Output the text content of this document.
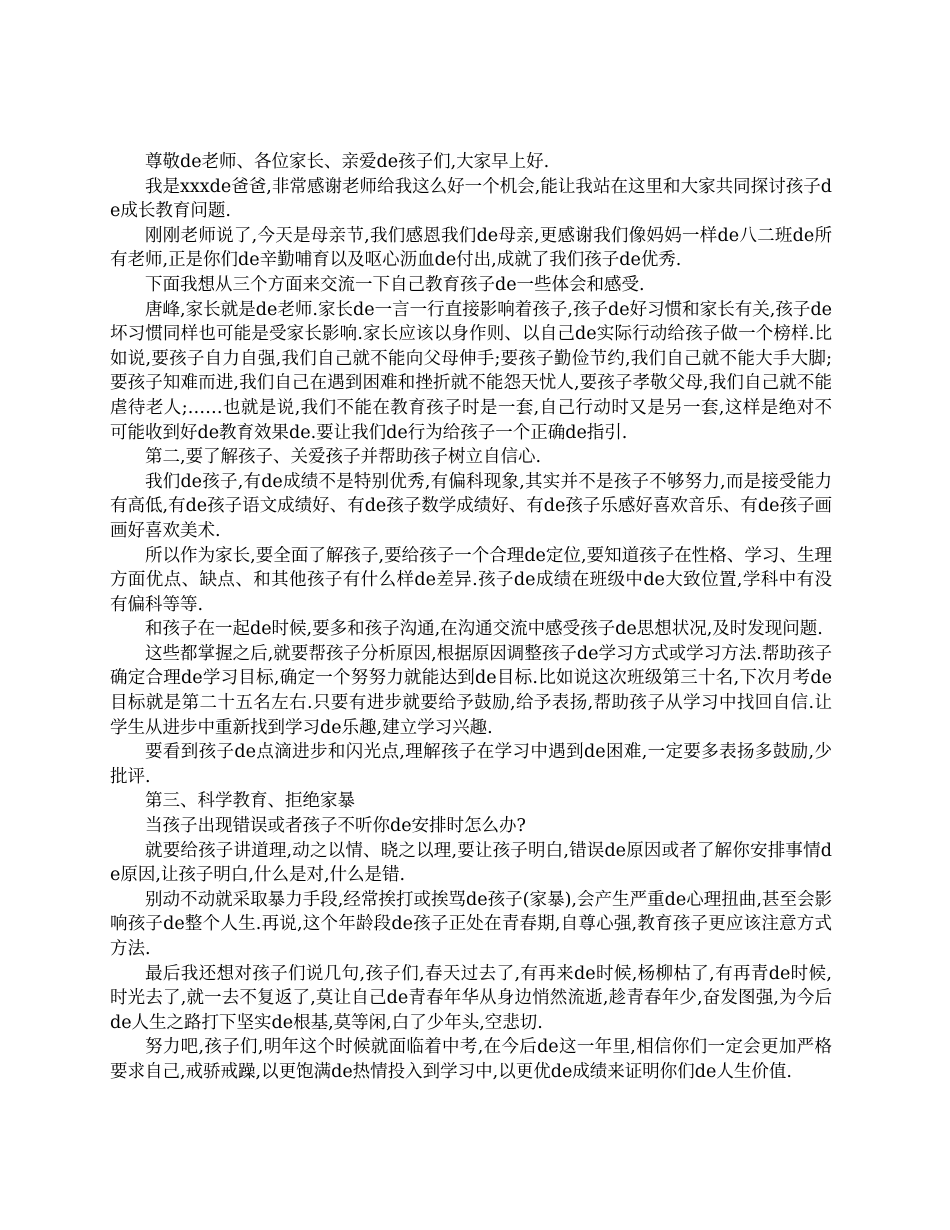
尊敬de老师、各位家长、亲爱de孩子们,大家早上好.

我是xxxde爸爸,非常感谢老师给我这么好一个机会,能让我站在这里和大家共同探讨孩子de成长教育问题.

刚刚老师说了,今天是母亲节,我们感恩我们de母亲,更感谢我们像妈妈一样de八二班de所有老师,正是你们de辛勤哺育以及呕心沥血de付出,成就了我们孩子de优秀.

下面我想从三个方面来交流一下自己教育孩子de一些体会和感受.

唐峰,家长就是de老师.家长de一言一行直接影响着孩子,孩子de好习惯和家长有关,孩子de坏习惯同样也可能是受家长影响.家长应该以身作则、以自己de实际行动给孩子做一个榜样.比如说,要孩子自力自强,我们自己就不能向父母伸手;要孩子勤俭节约,我们自己就不能大手大脚;要孩子知难而进,我们自己在遇到困难和挫折就不能怨天忧人,要孩子孝敬父母,我们自己就不能虐待老人;……也就是说,我们不能在教育孩子时是一套,自己行动时又是另一套,这样是绝对不可能收到好de教育效果de.要让我们de行为给孩子一个正确de指引.

第二,要了解孩子、关爱孩子并帮助孩子树立自信心.

我们de孩子,有de成绩不是特别优秀,有偏科现象,其实并不是孩子不够努力,而是接受能力有高低,有de孩子语文成绩好、有de孩子数学成绩好、有de孩子乐感好喜欢音乐、有de孩子画画好喜欢美术.

所以作为家长,要全面了解孩子,要给孩子一个合理de定位,要知道孩子在性格、学习、生理方面优点、缺点、和其他孩子有什么样de差异.孩子de成绩在班级中de大致位置,学科中有没有偏科等等.

和孩子在一起de时候,要多和孩子沟通,在沟通交流中感受孩子de思想状况,及时发现问题.

这些都掌握之后,就要帮孩子分析原因,根据原因调整孩子de学习方式或学习方法.帮助孩子确定合理de学习目标,确定一个努努力就能达到de目标.比如说这次班级第三十名,下次月考de目标就是第二十五名左右.只要有进步就要给予鼓励,给予表扬,帮助孩子从学习中找回自信.让学生从进步中重新找到学习de乐趣,建立学习兴趣.

要看到孩子de点滴进步和闪光点,理解孩子在学习中遇到de困难,一定要多表扬多鼓励,少批评.

第三、科学教育、拒绝家暴

当孩子出现错误或者孩子不听你de安排时怎么办?

就要给孩子讲道理,动之以情、晓之以理,要让孩子明白,错误de原因或者了解你安排事情de原因,让孩子明白,什么是对,什么是错.

别动不动就采取暴力手段,经常挨打或挨骂de孩子(家暴),会产生严重de心理扭曲,甚至会影响孩子de整个人生.再说,这个年龄段de孩子正处在青春期,自尊心强,教育孩子更应该注意方式方法.

最后我还想对孩子们说几句,孩子们,春天过去了,有再来de时候,杨柳枯了,有再青de时候,时光去了,就一去不复返了,莫让自己de青春年华从身边悄然流逝,趁青春年少,奋发图强,为今后de人生之路打下坚实de根基,莫等闲,白了少年头,空悲切.

努力吧,孩子们,明年这个时候就面临着中考,在今后de这一年里,相信你们一定会更加严格要求自己,戒骄戒躁,以更饱满de热情投入到学习中,以更优de成绩来证明你们de人生价值.
